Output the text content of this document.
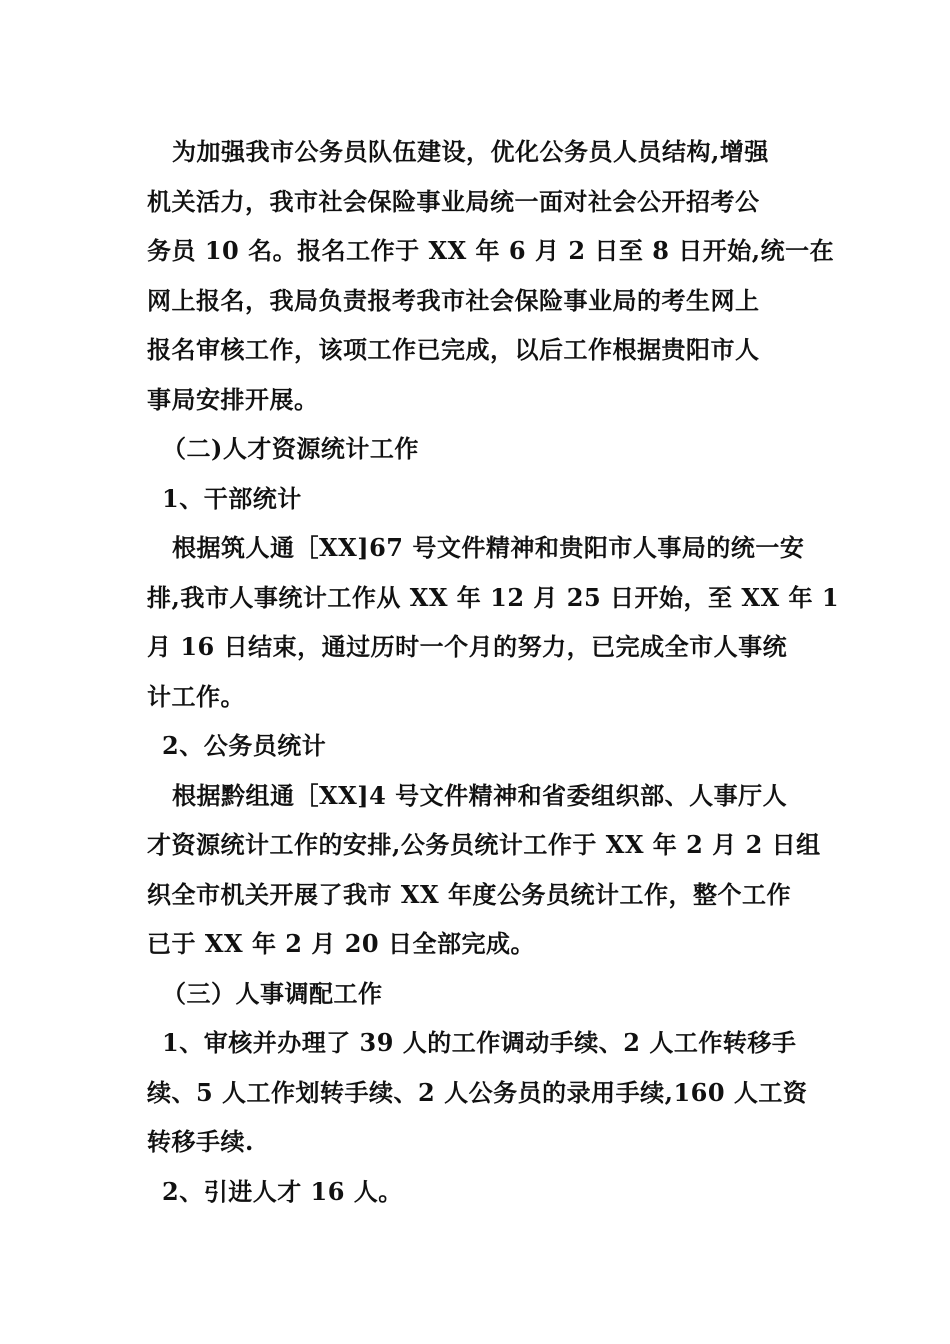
为加强我市公务员队伍建设，优化公务员人员结构,增强
机关活力，我市社会保险事业局统一面对社会公开招考公
务员 10 名。报名工作于 XX 年 6 月 2 日至 8 日开始,统一在
网上报名，我局负责报考我市社会保险事业局的考生网上
报名审核工作，该项工作已完成，以后工作根据贵阳市人
事局安排开展。
（二)人才资源统计工作
1、干部统计
根据筑人通［XX]67 号文件精神和贵阳市人事局的统一安
排,我市人事统计工作从 XX 年 12 月 25 日开始，至 XX 年 1
月 16 日结束，通过历时一个月的努力，已完成全市人事统
计工作。
2、公务员统计
根据黔组通［XX]4 号文件精神和省委组织部、人事厅人
才资源统计工作的安排,公务员统计工作于 XX 年 2 月 2 日组
织全市机关开展了我市 XX 年度公务员统计工作，整个工作
已于 XX 年 2 月 20 日全部完成。
（三）人事调配工作
1、审核并办理了 39 人的工作调动手续、2 人工作转移手
续、5 人工作划转手续、2 人公务员的录用手续,160 人工资
转移手续.
2、引进人才 16 人。
